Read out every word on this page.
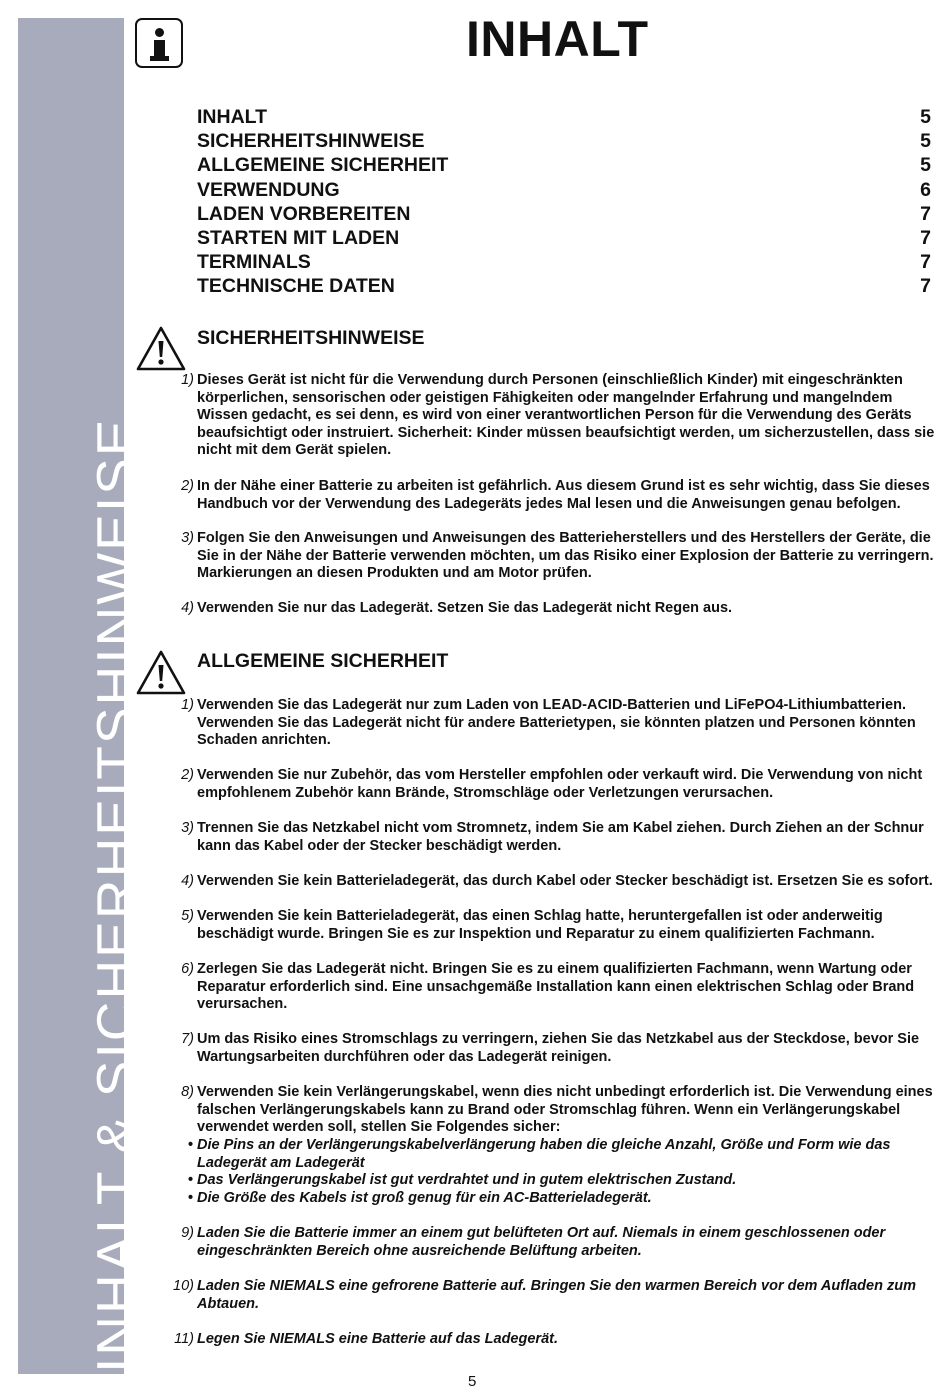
INHALT & SICHERHEITSHINWEISE
INHALT
INHALT	5
SICHERHEITSHINWEISE	5
ALLGEMEINE SICHERHEIT	5
VERWENDUNG	6
LADEN VORBEREITEN	7
STARTEN MIT LADEN	7
TERMINALS	7
TECHNISCHE DATEN	7
SICHERHEITSHINWEISE
1) Dieses Gerät ist nicht für die Verwendung durch Personen (einschließlich Kinder) mit eingeschränkten körperlichen, sensorischen oder geistigen Fähigkeiten oder mangelnder Erfahrung und mangelndem Wissen gedacht, es sei denn, es wird von einer verantwortlichen Person für die Verwendung des Geräts beaufsichtigt oder instruiert. Sicherheit: Kinder müssen beaufsichtigt werden, um sicherzustellen, dass sie nicht mit dem Gerät spielen.
2) In der Nähe einer Batterie zu arbeiten ist gefährlich. Aus diesem Grund ist es sehr wichtig, dass Sie dieses Handbuch vor der Verwendung des Ladegeräts jedes Mal lesen und die Anweisungen genau befolgen.
3) Folgen Sie den Anweisungen und Anweisungen des Batterieherstellers und des Herstellers der Geräte, die Sie in der Nähe der Batterie verwenden möchten, um das Risiko einer Explosion der Batterie zu verringern. Markierungen an diesen Produkten und am Motor prüfen.
4) Verwenden Sie nur das Ladegerät. Setzen Sie das Ladegerät nicht Regen aus.
ALLGEMEINE SICHERHEIT
1) Verwenden Sie das Ladegerät nur zum Laden von LEAD-ACID-Batterien und LiFePO4-Lithiumbatterien. Verwenden Sie das Ladegerät nicht für andere Batterietypen, sie könnten platzen und Personen könnten Schaden anrichten.
2) Verwenden Sie nur Zubehör, das vom Hersteller empfohlen oder verkauft wird. Die Verwendung von nicht empfohlenem Zubehör kann Brände, Stromschläge oder Verletzungen verursachen.
3) Trennen Sie das Netzkabel nicht vom Stromnetz, indem Sie am Kabel ziehen. Durch Ziehen an der Schnur kann das Kabel oder der Stecker beschädigt werden.
4) Verwenden Sie kein Batterieladegerät, das durch Kabel oder Stecker beschädigt ist. Ersetzen Sie es sofort.
5) Verwenden Sie kein Batterieladegerät, das einen Schlag hatte, heruntergefallen ist oder anderweitig beschädigt wurde. Bringen Sie es zur Inspektion und Reparatur zu einem qualifizierten Fachmann.
6) Zerlegen Sie das Ladegerät nicht. Bringen Sie es zu einem qualifizierten Fachmann, wenn Wartung oder Reparatur erforderlich sind. Eine unsachgemäße Installation kann einen elektrischen Schlag oder Brand verursachen.
7) Um das Risiko eines Stromschlags zu verringern, ziehen Sie das Netzkabel aus der Steckdose, bevor Sie Wartungsarbeiten durchführen oder das Ladegerät reinigen.
8) Verwenden Sie kein Verlängerungskabel, wenn dies nicht unbedingt erforderlich ist. Die Verwendung eines falschen Verlängerungskabels kann zu Brand oder Stromschlag führen. Wenn ein Verlängerungskabel verwendet werden soll, stellen Sie Folgendes sicher:
• Die Pins an der Verlängerungskabelverlängerung haben die gleiche Anzahl, Größe und Form wie das Ladegerät am Ladegerät
• Das Verlängerungskabel ist gut verdrahtet und in gutem elektrischen Zustand.
• Die Größe des Kabels ist groß genug für ein AC-Batterieladegerät.
9) Laden Sie die Batterie immer an einem gut belüfteten Ort auf. Niemals in einem geschlossenen oder eingeschränkten Bereich ohne ausreichende Belüftung arbeiten.
10) Laden Sie NIEMALS eine gefrorene Batterie auf. Bringen Sie den warmen Bereich vor dem Aufladen zum Abtauen.
11) Legen Sie NIEMALS eine Batterie auf das Ladegerät.
5
